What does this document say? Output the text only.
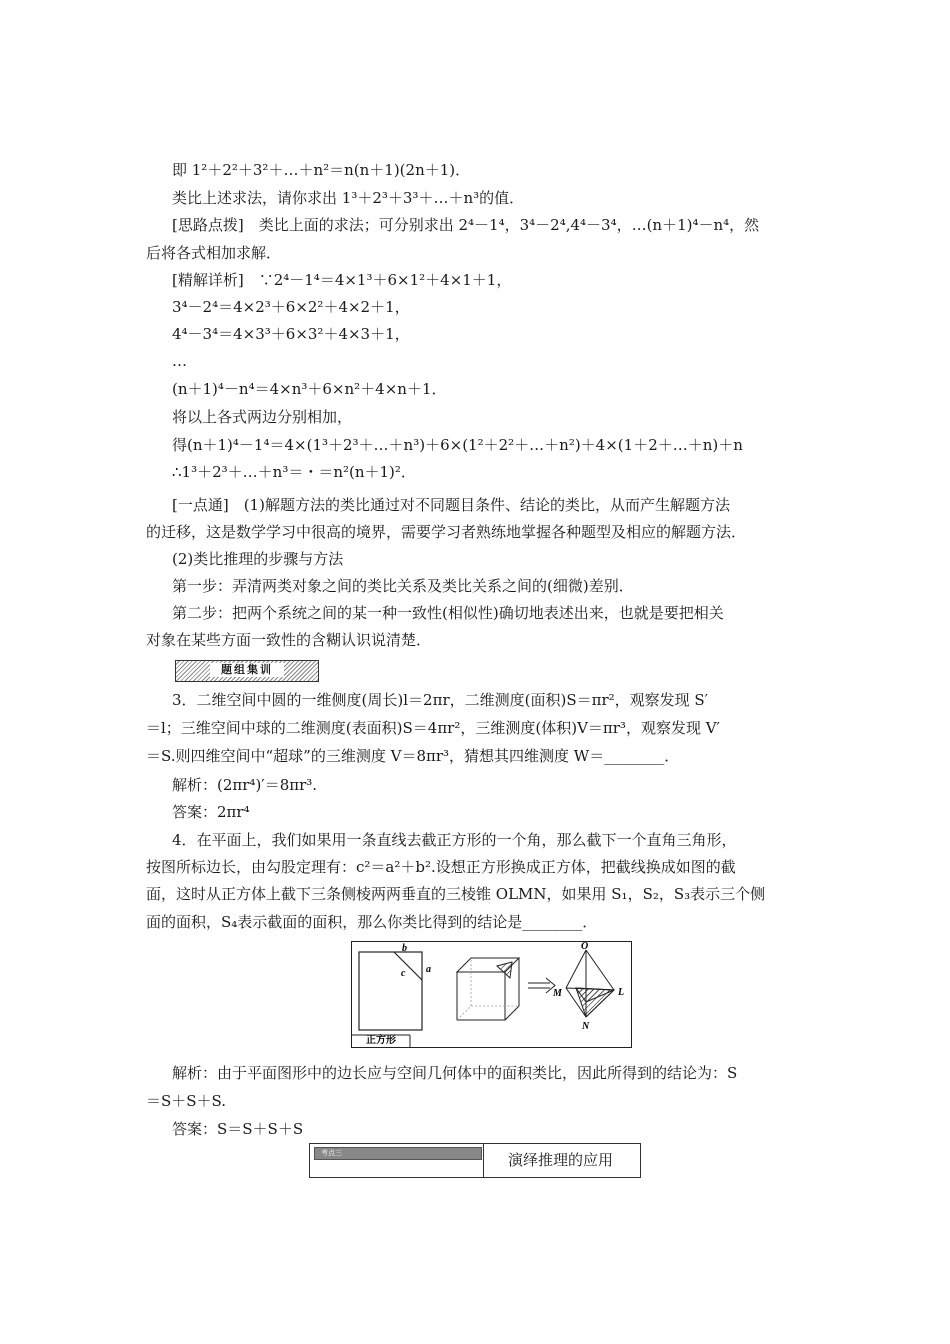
即 1²＋2²＋3²＋…＋n²＝n(n＋1)(2n＋1)．
类比上述求法，请你求出 1³＋2³＋3³＋…＋n³的值．
[思路点拨]　类比上面的求法；可分别求出 2⁴－1⁴，3⁴－2⁴,4⁴－3⁴，…(n＋1)⁴－n⁴，然
后将各式相加求解．
[精解详析]　∵2⁴－1⁴＝4×1³＋6×1²＋4×1＋1，
3⁴－2⁴＝4×2³＋6×2²＋4×2＋1，
4⁴－3⁴＝4×3³＋6×3²＋4×3＋1，
…
(n＋1)⁴－n⁴＝4×n³＋6×n²＋4×n＋1．
将以上各式两边分别相加，
得(n＋1)⁴－1⁴＝4×(1³＋2³＋…＋n³)＋6×(1²＋2²＋…＋n²)＋4×(1＋2＋…＋n)＋n
∴1³＋2³＋…＋n³＝・＝n²(n＋1)²．
[一点通]　(1)解题方法的类比通过对不同题目条件、结论的类比，从而产生解题方法
的迁移，这是数学学习中很高的境界，需要学习者熟练地掌握各种题型及相应的解题方法．
(2)类比推理的步骤与方法
第一步：弄清两类对象之间的类比关系及类比关系之间的(细微)差别．
第二步：把两个系统之间的某一种一致性(相似性)确切地表述出来，也就是要把相关
对象在某些方面一致性的含糊认识说清楚．
题组集训
3．二维空间中圆的一维侧度(周长)l＝2πr，二维测度(面积)S＝πr²，观察发现 S′
＝l；三维空间中球的二维测度(表面积)S＝4πr²，三维测度(体积)V＝πr³，观察发现 V′
＝S.则四维空间中“超球”的三维测度 V＝8πr³，猜想其四维测度 W＝________．
解析：(2πr⁴)′＝8πr³.
答案：2πr⁴
4．在平面上，我们如果用一条直线去截正方形的一个角，那么截下一个直角三角形，
按图所标边长，由勾股定理有：c²＝a²＋b².设想正方形换成正方体，把截线换成如图的截
面，这时从正方体上截下三条侧棱两两垂直的三棱锥 OLMN，如果用 S₁，S₂，S₃表示三个侧
面的面积，S₄表示截面的面积，那么你类比得到的结论是________．
b
a
c
正方形
O
M	L
N
解析：由于平面图形中的边长应与空间几何体中的面积类比，因此所得到的结论为：S
＝S＋S＋S.
答案：S＝S＋S＋S
考点三	演绎推理的应用
